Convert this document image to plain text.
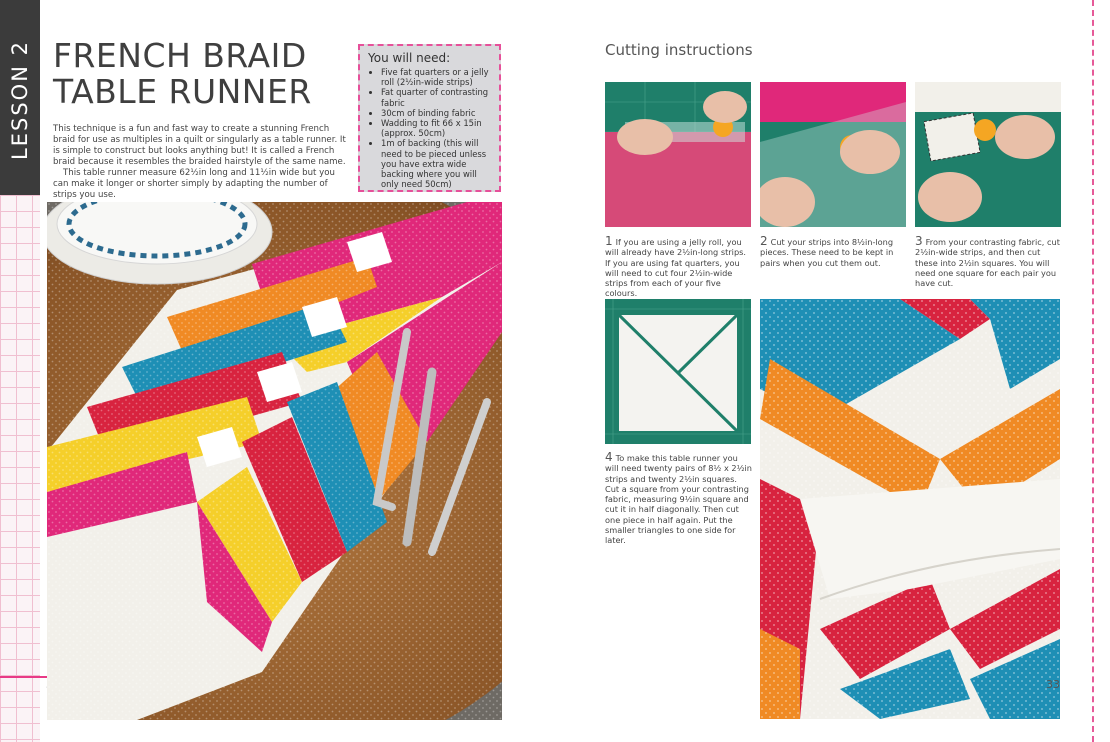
LESSON 2 FRENCH BRAID
TABLE RUNNER

This technique is a fun and fast way to create a stunning French braid for use as multiples in a quilt or singularly as a table runner. It is simple to construct but looks anything but! It is called a French braid because it resembles the braided hairstyle of the same name.

This table runner measure 62½in long and 11½in wide but you can make it longer or shorter simply by adapting the number of strips you use.

You will need:
• Five fat quarters or a jelly roll (2½in-wide strips)
• Fat quarter of contrasting fabric
• 30cm of binding fabric
• Wadding to fit 66 x 15in (approx. 50cm)
• 1m of backing (this will need to be pieced unless you have extra wide backing where you will only need 50cm)
Cutting instructions

1 If you are using a jelly roll, you will already have 2½in-long strips. If you are using fat quarters, you will need to cut four 2½in-wide strips from each of your five colours.

2 Cut your strips into 8½in-long pieces. These need to be kept in pairs when you cut them out.

3 From your contrasting fabric, cut 2½in-wide strips, and then cut these into 2½in squares. You will need one square for each pair you have cut.

4 To make this table runner you will need twenty pairs of 8½ x 2½in strips and twenty 2½in squares. Cut a square from your contrasting fabric, measuring 9½in square and cut it in half diagonally. Then cut one piece in half again. Put the smaller triangles to one side for later.

33
